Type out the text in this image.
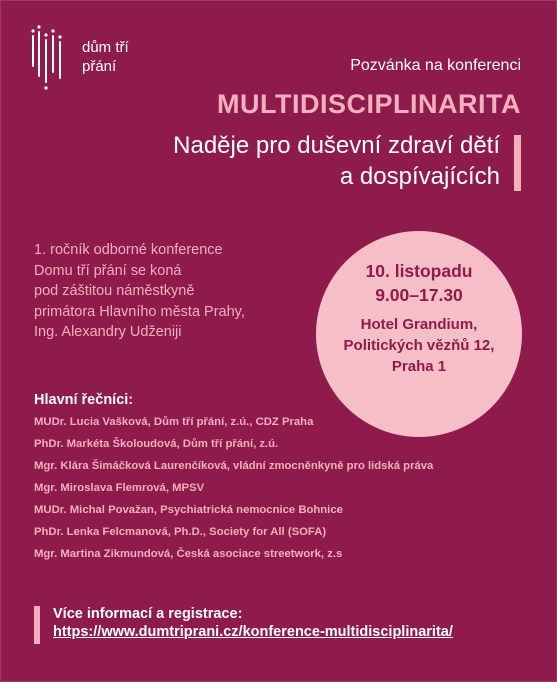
dům tří
přání	Pozvánka na konferenci
MULTIDISCIPLINARITA
Naděje pro duševní zdraví dětí
a dospívajících
1. ročník odborné konference
Domu tří přání se koná
pod záštitou náměstkyně
primátora Hlavního města Prahy,
Ing. Alexandry Udženiji
10. listopadu
9.00–17.30
Hotel Grandium,
Politických vězňů 12,
Praha 1
Hlavní řečníci:
MUDr. Lucia Vašková, Dům tří přání, z.ú., CDZ Praha
PhDr. Markéta Školoudová, Dům tří přání, z.ú.
Mgr. Klára Šimáčková Laurenčíková, vládní zmocněnkyně pro lidská práva
Mgr. Miroslava Flemrová, MPSV
MUDr. Michal Považan, Psychiatrická nemocnice Bohnice
PhDr. Lenka Felcmanová, Ph.D., Society for All (SOFA)
Mgr. Martina Zikmundová, Česká asociace streetwork, z.s
Více informací a registrace:
https://www.dumtriprani.cz/konference-multidisciplinarita/
